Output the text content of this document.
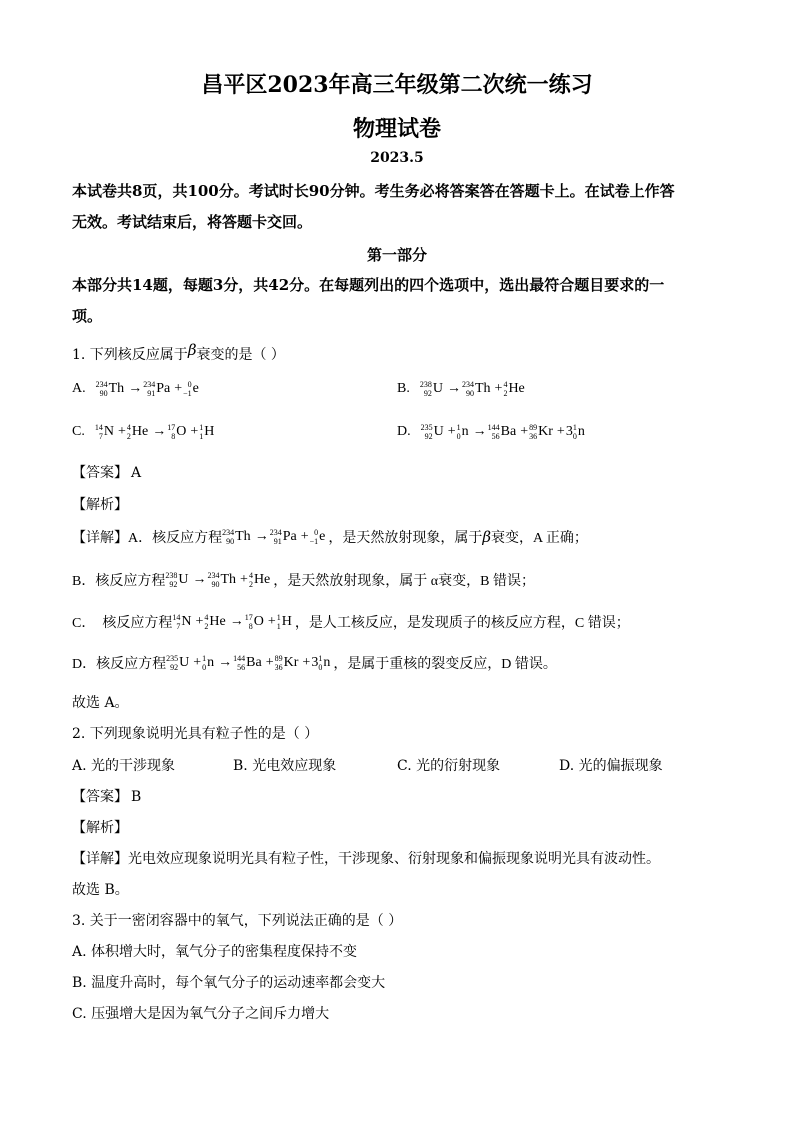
昌平区2023年高三年级第二次统一练习
物理试卷
2023.5
本试卷共8页，共100分。考试时长90分钟。考生务必将答案答在答题卡上。在试卷上作答
无效。考试结束后，将答题卡交回。
第一部分
本部分共14题，每题3分，共42分。在每题列出的四个选项中，选出最符合题目要求的一
项。
1. 下列核反应属于β衰变的是（ ）
A. 234
90 Th → 234
91 Pa + 0
−1 e	B. 238
92 U → 234
90 Th + 4
2 He
C. 14
7 N + 4
2 He → 17
8 O + 1
1 H	D. 235
92 U + 1
0 n → 144
56 Ba + 89
36 Kr + 3 1
0 n
【答案】 A
【解析】
【详解】 A．核反应方程 234
90 Th → 234
91 Pa + 0
−1 e ，是天然放射现象，属于 β 衰变，A 正确；
B．核反应方程 238
92 U → 234
90 Th + 4
2 He ，是天然放射现象，属于 α衰变，B 错误；
C．  核反应方程 14
7 N + 4
2 He → 17
8 O + 1
1 H ，是人工核反应，是发现质子的核反应方程，C 错误；
D．核反应方程 235
92 U + 1
0 n → 144
56 Ba + 89
36 Kr + 3 1
0 n ，是属于重核的裂变反应，D 错误。
故选 A。
2. 下列现象说明光具有粒子性的是（ ）
A. 光的干涉现象	B. 光电效应现象	C. 光的衍射现象	D. 光的偏振现象
【答案】 B
【解析】
【详解】光电效应现象说明光具有粒子性，干涉现象、衍射现象和偏振现象说明光具有波动性。
故选 B。
3. 关于一密闭容器中的氧气，下列说法正确的是（ ）
A. 体积增大时，氧气分子的密集程度保持不变
B. 温度升高时，每个氧气分子的运动速率都会变大
C. 压强增大是因为氧气分子之间斥力增大
